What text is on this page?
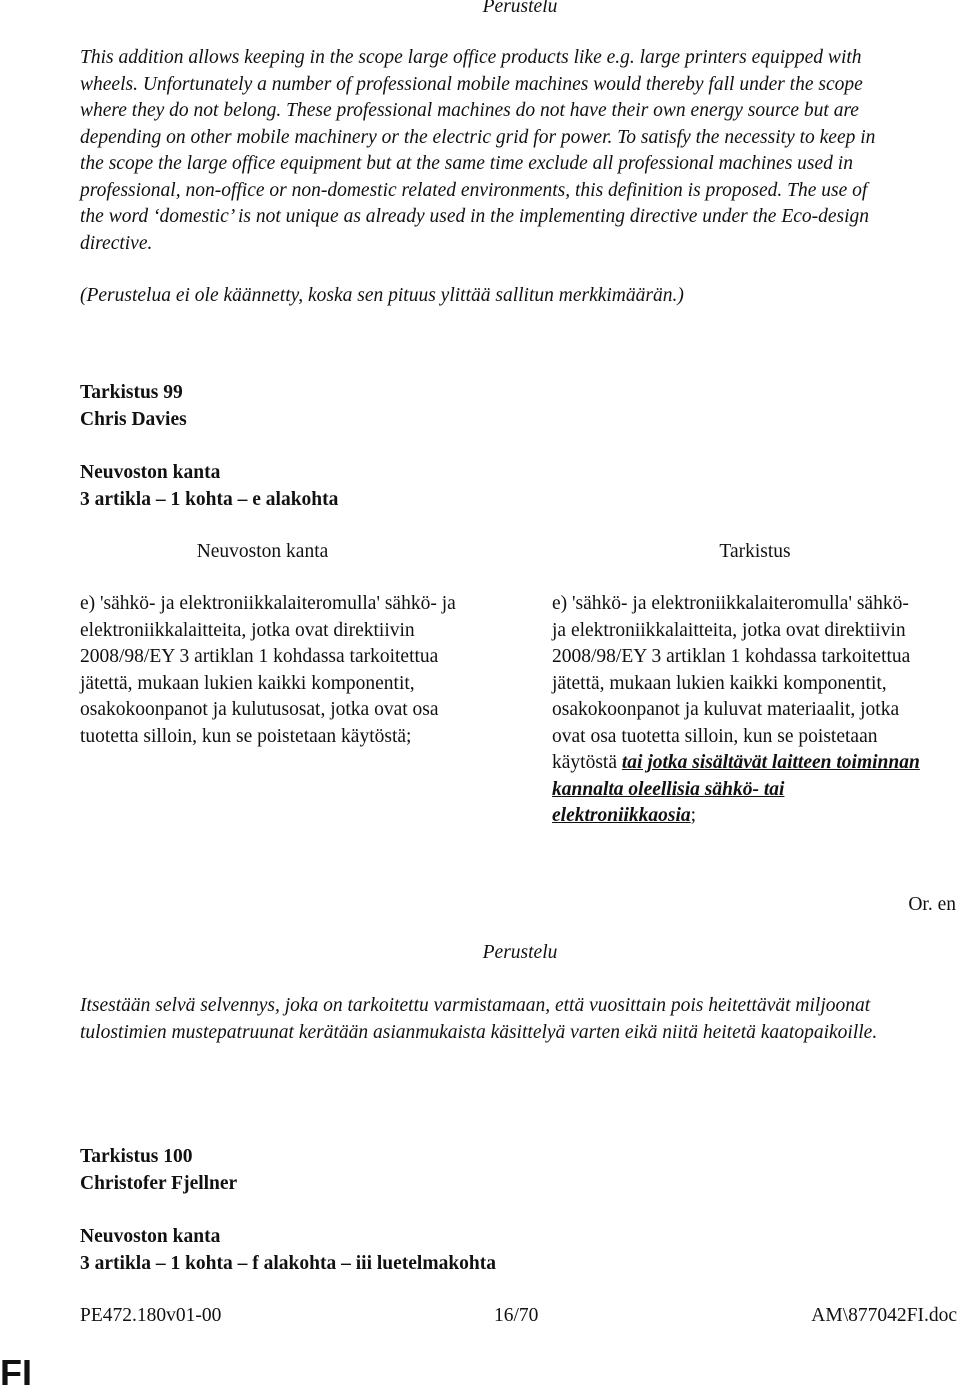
Perustelu
This addition allows keeping in the scope large office products like e.g. large printers equipped with wheels. Unfortunately a number of professional mobile machines would thereby fall under the scope where they do not belong. These professional machines do not have their own energy source but are depending on other mobile machinery or the electric grid for power. To satisfy the necessity to keep in the scope the large office equipment but at the same time exclude all professional machines used in professional, non-office or non-domestic related environments, this definition is proposed. The use of the word ‘domestic’ is not unique as already used in the implementing directive under the Eco-design directive.
(Perustelua ei ole käännetty, koska sen pituus ylittää sallitun merkkimäärän.)
Tarkistus 99
Chris Davies
Neuvoston kanta
3 artikla – 1 kohta – e alakohta
Neuvoston kanta	Tarkistus
e) 'sähkö- ja elektroniikkalaiteromulla' sähkö- ja elektroniikkalaitteita, jotka ovat direktiivin 2008/98/EY 3 artiklan 1 kohdassa tarkoitettua jätettä, mukaan lukien kaikki komponentit, osakokoonpanot ja kulutusosat, jotka ovat osa tuotetta silloin, kun se poistetaan käytöstä;
e) 'sähkö- ja elektroniikkalaiteromulla' sähkö- ja elektroniikkalaitteita, jotka ovat direktiivin 2008/98/EY 3 artiklan 1 kohdassa tarkoitettua jätettä, mukaan lukien kaikki komponentit, osakokoonpanot ja kuluvat materiaalit, jotka ovat osa tuotetta silloin, kun se poistetaan käytöstä tai jotka sisältävät laitteen toiminnan kannalta oleellisia sähkö- tai elektroniikkaosia;
Or. en
Perustelu
Itsestään selvä selvennys, joka on tarkoitettu varmistamaan, että vuosittain pois heitettävät miljoonat tulostimien mustepatruunat kerätään asianmukaista käsittelyä varten eikä niitä heitetä kaatopaikoille.
Tarkistus 100
Christofer Fjellner
Neuvoston kanta
3 artikla – 1 kohta – f alakohta – iii luetelmakohta
PE472.180v01-00	16/70	AM\877042FI.doc
FI
